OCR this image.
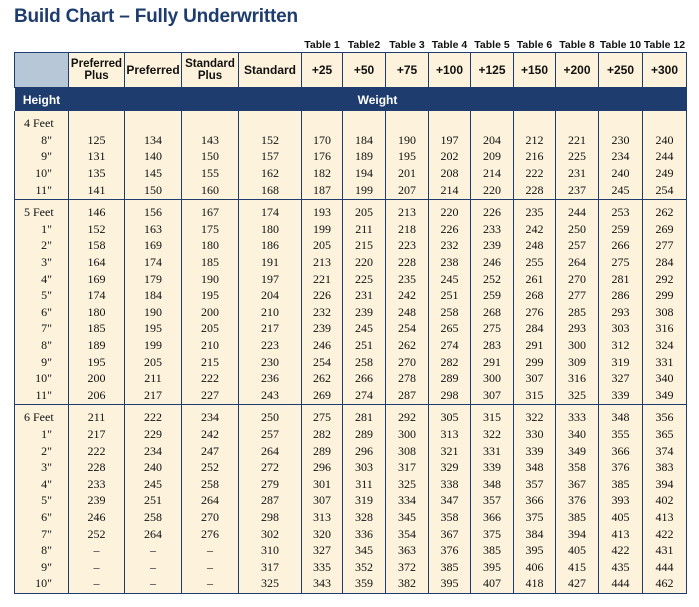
Build Chart – Fully Underwritten
					Table 1	Table2	Table 3	Table 4	Table 5	Table 6	Table 8	Table 10	Table 12
	Preferred Plus	Preferred	Standard Plus	Standard	+25	+50	+75	+100	+125	+150	+200	+250	+300
Height	Weight												
4 Feet													
8"	125	134	143	152	170	184	190	197	204	212	221	230	240
9"	131	140	150	157	176	189	195	202	209	216	225	234	244
10"	135	145	155	162	182	194	201	208	214	222	231	240	249
11"	141	150	160	168	187	199	207	214	220	228	237	245	254
5 Feet	146	156	167	174	193	205	213	220	226	235	244	253	262
1"	152	163	175	180	199	211	218	226	233	242	250	259	269
2"	158	169	180	186	205	215	223	232	239	248	257	266	277
3"	164	174	185	191	213	220	228	238	246	255	264	275	284
4"	169	179	190	197	221	225	235	245	252	261	270	281	292
5"	174	184	195	204	226	231	242	251	259	268	277	286	299
6"	180	190	200	210	232	239	248	258	268	276	285	293	308
7"	185	195	205	217	239	245	254	265	275	284	293	303	316
8"	189	199	210	223	246	251	262	274	283	291	300	312	324
9"	195	205	215	230	254	258	270	282	291	299	309	319	331
10"	200	211	222	236	262	266	278	289	300	307	316	327	340
11"	206	217	227	243	269	274	287	298	307	315	325	339	349
6 Feet	211	222	234	250	275	281	292	305	315	322	333	348	356
1"	217	229	242	257	282	289	300	313	322	330	340	355	365
2"	222	234	247	264	289	296	308	321	331	339	349	366	374
3"	228	240	252	272	296	303	317	329	339	348	358	376	383
4"	233	245	258	279	301	311	325	338	348	357	367	385	394
5"	239	251	264	287	307	319	334	347	357	366	376	393	402
6"	246	258	270	298	313	328	345	358	366	375	385	405	413
7"	252	264	276	302	320	336	354	367	375	384	394	413	422
8"	–	–	–	310	327	345	363	376	385	395	405	422	431
9"	–	–	–	317	335	352	372	385	395	406	415	435	444
10"	–	–	–	325	343	359	382	395	407	418	427	444	462
